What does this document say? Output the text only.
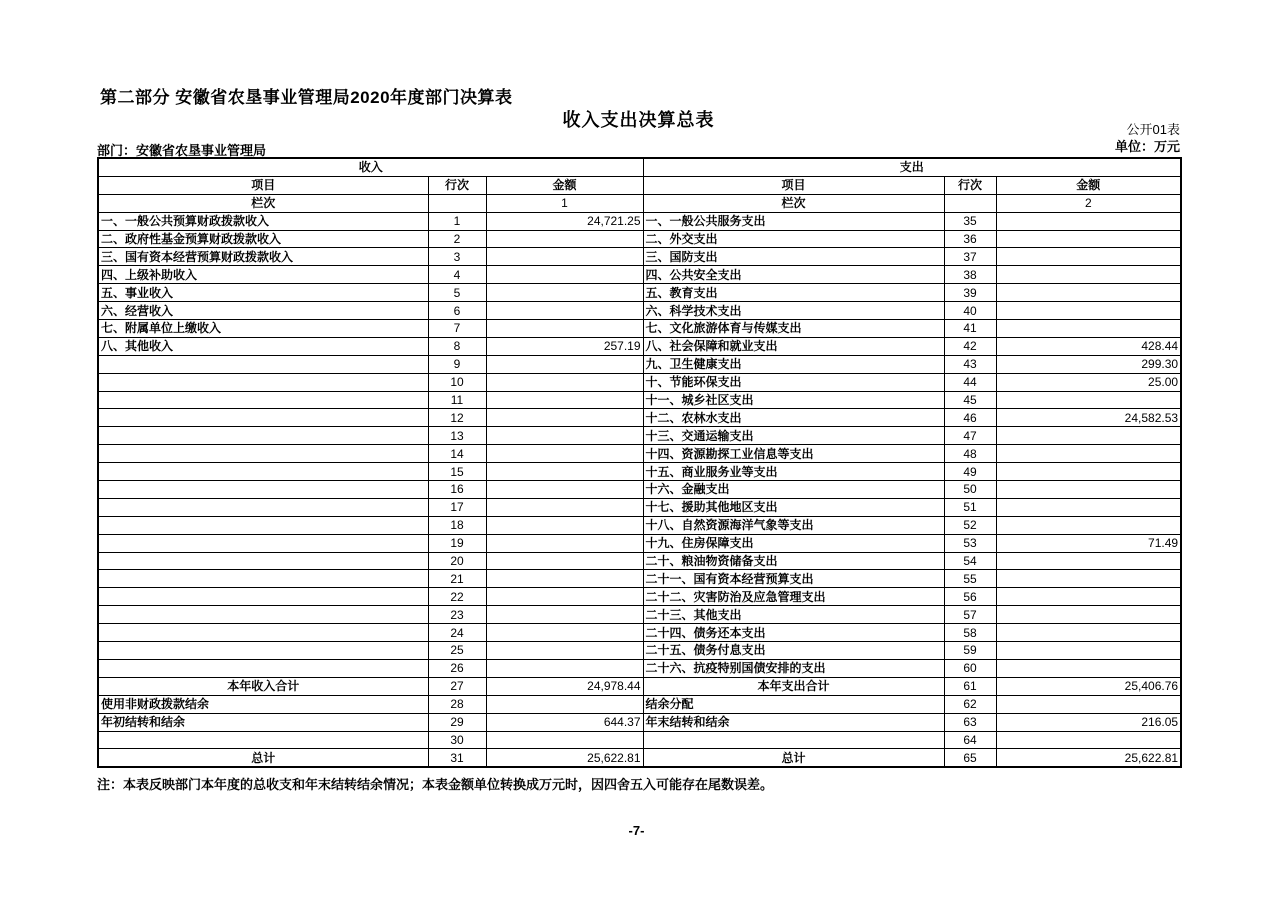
第二部分 安徽省农垦事业管理局2020年度部门决算表
收入支出决算总表	公开01表
单位：万元
部门：安徽省农垦事业管理局
收入			支出		
项目	行次	金额	项目	行次	金额
栏次		1	栏次		2
一、一般公共预算财政拨款收入	1	24,721.25	一、一般公共服务支出	35	
二、政府性基金预算财政拨款收入	2		二、外交支出	36	
三、国有资本经营预算财政拨款收入	3		三、国防支出	37	
四、上级补助收入	4		四、公共安全支出	38	
五、事业收入	5		五、教育支出	39	
六、经营收入	6		六、科学技术支出	40	
七、附属单位上缴收入	7		七、文化旅游体育与传媒支出	41	
八、其他收入	8	257.19	八、社会保障和就业支出	42	428.44
	9		九、卫生健康支出	43	299.30
	10		十、节能环保支出	44	25.00
	11		十一、城乡社区支出	45	
	12		十二、农林水支出	46	24,582.53
	13		十三、交通运输支出	47	
	14		十四、资源勘探工业信息等支出	48	
	15		十五、商业服务业等支出	49	
	16		十六、金融支出	50	
	17		十七、援助其他地区支出	51	
	18		十八、自然资源海洋气象等支出	52	
	19		十九、住房保障支出	53	71.49
	20		二十、粮油物资储备支出	54	
	21		二十一、国有资本经营预算支出	55	
	22		二十二、灾害防治及应急管理支出	56	
	23		二十三、其他支出	57	
	24		二十四、债务还本支出	58	
	25		二十五、债务付息支出	59	
	26		二十六、抗疫特别国债安排的支出	60	
本年收入合计	27	24,978.44	本年支出合计	61	25,406.76
使用非财政拨款结余	28		结余分配	62	
年初结转和结余	29	644.37	年末结转和结余	63	216.05
	30			64	
总计	31	25,622.81	总计	65	25,622.81
注：本表反映部门本年度的总收支和年末结转结余情况；本表金额单位转换成万元时，因四舍五入可能存在尾数误差。
-7-
